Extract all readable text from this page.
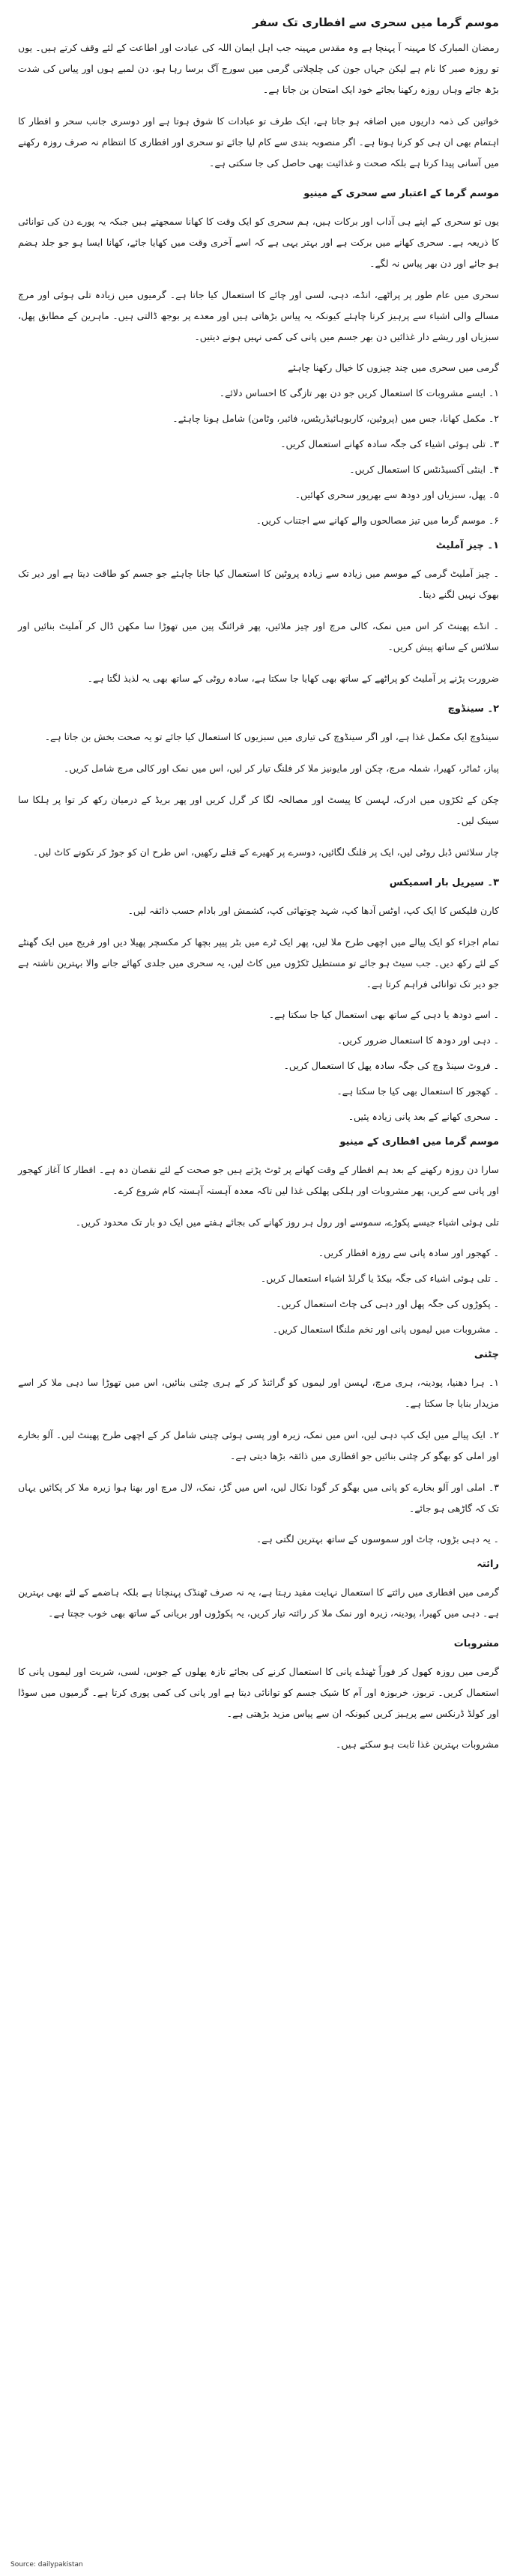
موسم گرما میں سحری سے افطاری تک سفر

رمضان المبارک کا مہینہ آ پہنچا ہے وہ مقدس مہینہ جب اہل ایمان اللہ کی عبادت اور اطاعت کے لئے وقف کرتے ہیں۔ یوں تو روزہ صبر کا نام ہے لیکن جہاں جون کی چلچلاتی گرمی میں سورج آگ برسا رہا ہو، دن لمبے ہوں اور پیاس کی شدت بڑھ جائے وہاں روزہ رکھنا بجائے خود ایک امتحان بن جاتا ہے۔

خواتین کی ذمہ داریوں میں اضافہ ہو جاتا ہے، ایک طرف تو عبادات کا شوق ہوتا ہے اور دوسری جانب سحر و افطار کا اہتمام بھی ان ہی کو کرنا ہوتا ہے۔ اگر منصوبہ بندی سے کام لیا جائے تو سحری اور افطاری کا انتظام نہ صرف روزہ رکھنے میں آسانی پیدا کرتا ہے بلکہ صحت و غذائیت بھی حاصل کی جا سکتی ہے۔

موسم گرما کے اعتبار سے سحری کے مینیو

یوں تو سحری کے اپنے ہی آداب اور برکات ہیں، ہم سحری کو ایک وقت کا کھانا سمجھتے ہیں جبکہ یہ پورے دن کی توانائی کا ذریعہ ہے۔ سحری کھانے میں برکت ہے اور بہتر یہی ہے کہ اسے آخری وقت میں کھایا جائے، کھانا ایسا ہو جو جلد ہضم ہو جائے اور دن بھر پیاس نہ لگے۔

سحری میں عام طور پر پراٹھے، انڈے، دہی، لسی اور چائے کا استعمال کیا جاتا ہے۔ گرمیوں میں زیادہ تلی ہوئی اور مرچ مسالے والی اشیاء سے پرہیز کرنا چاہئے کیونکہ یہ پیاس بڑھاتی ہیں اور معدے پر بوجھ ڈالتی ہیں۔ ماہرین کے مطابق پھل، سبزیاں اور ریشے دار غذائیں دن بھر جسم میں پانی کی کمی نہیں ہونے دیتیں۔

گرمی میں سحری میں چند چیزوں کا خیال رکھنا چاہئے

۱۔ ایسے مشروبات کا استعمال کریں جو دن بھر تازگی کا احساس دلائے۔

۲۔ مکمل کھانا، جس میں (پروٹین، کاربوہائیڈریٹس، فائبر، وٹامن) شامل ہونا چاہئے۔

۳۔ تلی ہوئی اشیاء کی جگہ سادہ کھانے استعمال کریں۔

۴۔ اینٹی آکسیڈنٹس کا استعمال کریں۔

۵۔ پھل، سبزیاں اور دودھ سے بھرپور سحری کھائیں۔

۶۔ موسم گرما میں تیز مصالحوں والے کھانے سے اجتناب کریں۔

۱۔ چیز آملیٹ

۔ چیز آملیٹ گرمی کے موسم میں زیادہ سے زیادہ پروٹین کا استعمال کیا جانا چاہئے جو جسم کو طاقت دیتا ہے اور دیر تک بھوک نہیں لگنے دیتا۔

۔ انڈے پھینٹ کر اس میں نمک، کالی مرچ اور چیز ملائیں، پھر فرائنگ پین میں تھوڑا سا مکھن ڈال کر آملیٹ بنائیں اور سلائس کے ساتھ پیش کریں۔

ضرورت پڑنے پر آملیٹ کو پراٹھے کے ساتھ بھی کھایا جا سکتا ہے، سادہ روٹی کے ساتھ بھی یہ لذیذ لگتا ہے۔

۲۔ سینڈوچ

سینڈوچ ایک مکمل غذا ہے، اور اگر سینڈوچ کی تیاری میں سبزیوں کا استعمال کیا جائے تو یہ صحت بخش بن جاتا ہے۔

پیاز، ٹماٹر، کھیرا، شملہ مرچ، چکن اور مایونیز ملا کر فلنگ تیار کر لیں، اس میں نمک اور کالی مرچ شامل کریں۔

چکن کے ٹکڑوں میں ادرک، لہسن کا پیسٹ اور مصالحہ لگا کر گرل کریں اور پھر بریڈ کے درمیان رکھ کر توا پر ہلکا سا سینک لیں۔

چار سلائس ڈبل روٹی لیں، ایک پر فلنگ لگائیں، دوسرے پر کھیرے کے قتلے رکھیں، اس طرح ان کو جوڑ کر تکونے کاٹ لیں۔

۳۔ سیریل بار اسمیکس

کارن فلیکس کا ایک کپ، اوٹس آدھا کپ، شہد چوتھائی کپ، کشمش اور بادام حسب ذائقہ لیں۔

تمام اجزاء کو ایک پیالے میں اچھی طرح ملا لیں، پھر ایک ٹرے میں بٹر پیپر بچھا کر مکسچر پھیلا دیں اور فریج میں ایک گھنٹے کے لئے رکھ دیں۔ جب سیٹ ہو جائے تو مستطیل ٹکڑوں میں کاٹ لیں، یہ سحری میں جلدی کھائے جانے والا بہترین ناشتہ ہے جو دیر تک توانائی فراہم کرتا ہے۔

۔ اسے دودھ یا دہی کے ساتھ بھی استعمال کیا جا سکتا ہے۔

۔ دہی اور دودھ کا استعمال ضرور کریں۔

۔ فروٹ سینڈ وچ کی جگہ سادہ پھل کا استعمال کریں۔

۔ کھجور کا استعمال بھی کیا جا سکتا ہے۔

۔ سحری کھانے کے بعد پانی زیادہ پئیں۔

موسم گرما میں افطاری کے مینیو

سارا دن روزہ رکھنے کے بعد ہم افطار کے وقت کھانے پر ٹوٹ پڑتے ہیں جو صحت کے لئے نقصان دہ ہے۔ افطار کا آغاز کھجور اور پانی سے کریں، پھر مشروبات اور ہلکی پھلکی غذا لیں تاکہ معدہ آہستہ آہستہ کام شروع کرے۔

تلی ہوئی اشیاء جیسے پکوڑے، سموسے اور رول ہر روز کھانے کی بجائے ہفتے میں ایک دو بار تک محدود کریں۔

۔ کھجور اور سادہ پانی سے روزہ افطار کریں۔

۔ تلی ہوئی اشیاء کی جگہ بیکڈ یا گرلڈ اشیاء استعمال کریں۔

۔ پکوڑوں کی جگہ پھل اور دہی کی چاٹ استعمال کریں۔

۔ مشروبات میں لیموں پانی اور تخم ملنگا استعمال کریں۔

چٹنی

۱۔ ہرا دھنیا، پودینہ، ہری مرچ، لہسن اور لیموں کو گرائنڈ کر کے ہری چٹنی بنائیں، اس میں تھوڑا سا دہی ملا کر اسے مزیدار بنایا جا سکتا ہے۔

۲۔ ایک پیالے میں ایک کپ دہی لیں، اس میں نمک، زیرہ اور پسی ہوئی چینی شامل کر کے اچھی طرح پھینٹ لیں۔ آلو بخارے اور املی کو بھگو کر چٹنی بنائیں جو افطاری میں ذائقہ بڑھا دیتی ہے۔

۳۔ املی اور آلو بخارے کو پانی میں بھگو کر گودا نکال لیں، اس میں گڑ، نمک، لال مرچ اور بھنا ہوا زیرہ ملا کر پکائیں یہاں تک کہ گاڑھی ہو جائے۔

۔ یہ دہی بڑوں، چاٹ اور سموسوں کے ساتھ بہترین لگتی ہے۔

رائتہ

گرمی میں افطاری میں رائتے کا استعمال نہایت مفید رہتا ہے، یہ نہ صرف ٹھنڈک پہنچاتا ہے بلکہ ہاضمے کے لئے بھی بہترین ہے۔ دہی میں کھیرا، پودینہ، زیرہ اور نمک ملا کر رائتہ تیار کریں، یہ پکوڑوں اور بریانی کے ساتھ بھی خوب جچتا ہے۔

مشروبات

گرمی میں روزہ کھول کر فوراً ٹھنڈے پانی کا استعمال کرنے کی بجائے تازہ پھلوں کے جوس، لسی، شربت اور لیموں پانی کا استعمال کریں۔ تربوز، خربوزہ اور آم کا شیک جسم کو توانائی دیتا ہے اور پانی کی کمی پوری کرتا ہے۔ گرمیوں میں سوڈا اور کولڈ ڈرنکس سے پرہیز کریں کیونکہ ان سے پیاس مزید بڑھتی ہے۔

مشروبات بہترین غذا ثابت ہو سکتے ہیں۔

Source: dailypakistan
